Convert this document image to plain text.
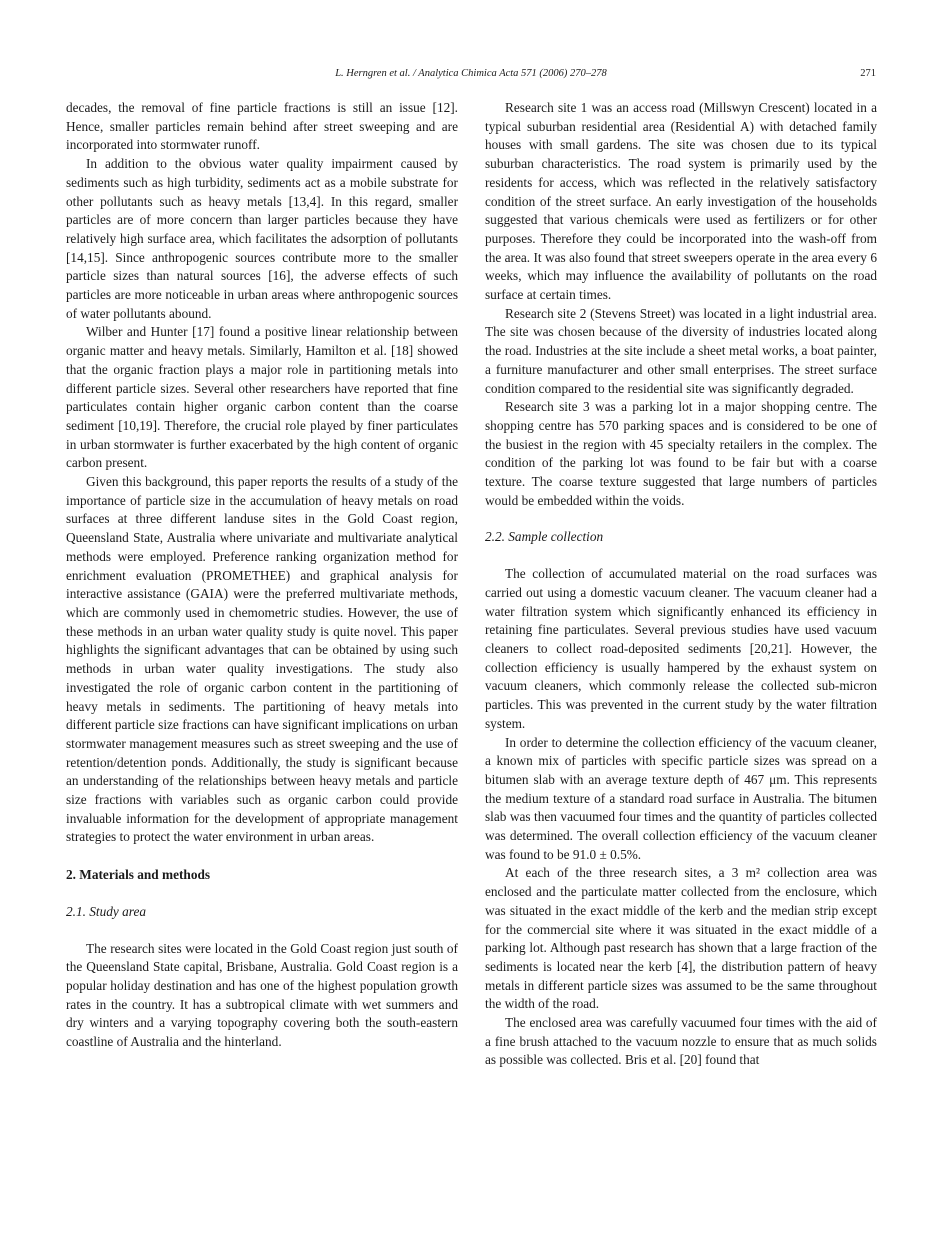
L. Herngren et al. / Analytica Chimica Acta 571 (2006) 270–278	271

decades, the removal of fine particle fractions is still an issue [12]. Hence, smaller particles remain behind after street sweeping and are incorporated into stormwater runoff.

In addition to the obvious water quality impairment caused by sediments such as high turbidity, sediments act as a mobile substrate for other pollutants such as heavy metals [13,4]. In this regard, smaller particles are of more concern than larger particles because they have relatively high surface area, which facilitates the adsorption of pollutants [14,15]. Since anthropogenic sources contribute more to the smaller particle sizes than natural sources [16], the adverse effects of such particles are more noticeable in urban areas where anthropogenic sources of water pollutants abound.

Wilber and Hunter [17] found a positive linear relationship between organic matter and heavy metals. Similarly, Hamilton et al. [18] showed that the organic fraction plays a major role in partitioning metals into different particle sizes. Several other researchers have reported that fine particulates contain higher organic carbon content than the coarse sediment [10,19]. Therefore, the crucial role played by finer particulates in urban stormwater is further exacerbated by the high content of organic carbon present.

Given this background, this paper reports the results of a study of the importance of particle size in the accumulation of heavy metals on road surfaces at three different landuse sites in the Gold Coast region, Queensland State, Australia where univariate and multivariate analytical methods were employed. Preference ranking organization method for enrichment evaluation (PROMETHEE) and graphical analysis for interactive assistance (GAIA) were the preferred multivariate methods, which are commonly used in chemometric studies. However, the use of these methods in an urban water quality study is quite novel. This paper highlights the significant advantages that can be obtained by using such methods in urban water quality investigations. The study also investigated the role of organic carbon content in the partitioning of heavy metals in sediments. The partitioning of heavy metals into different particle size fractions can have significant implications on urban stormwater management measures such as street sweeping and the use of retention/detention ponds. Additionally, the study is significant because an understanding of the relationships between heavy metals and particle size fractions with variables such as organic carbon could provide invaluable information for the development of appropriate management strategies to protect the water environment in urban areas.

2. Materials and methods
2.1. Study area

The research sites were located in the Gold Coast region just south of the Queensland State capital, Brisbane, Australia. Gold Coast region is a popular holiday destination and has one of the highest population growth rates in the country. It has a subtropical climate with wet summers and dry winters and a varying topography covering both the south-eastern coastline of Australia and the hinterland.

Research site 1 was an access road (Millswyn Crescent) located in a typical suburban residential area (Residential A) with detached family houses with small gardens. The site was chosen due to its typical suburban characteristics. The road system is primarily used by the residents for access, which was reflected in the relatively satisfactory condition of the street surface. An early investigation of the households suggested that various chemicals were used as fertilizers or for other purposes. Therefore they could be incorporated into the wash-off from the area. It was also found that street sweepers operate in the area every 6 weeks, which may influence the availability of pollutants on the road surface at certain times.

Research site 2 (Stevens Street) was located in a light industrial area. The site was chosen because of the diversity of industries located along the road. Industries at the site include a sheet metal works, a boat painter, a furniture manufacturer and other small enterprises. The street surface condition compared to the residential site was significantly degraded.

Research site 3 was a parking lot in a major shopping centre. The shopping centre has 570 parking spaces and is considered to be one of the busiest in the region with 45 specialty retailers in the complex. The condition of the parking lot was found to be fair but with a coarse texture. The coarse texture suggested that large numbers of particles would be embedded within the voids.

2.2. Sample collection

The collection of accumulated material on the road surfaces was carried out using a domestic vacuum cleaner. The vacuum cleaner had a water filtration system which significantly enhanced its efficiency in retaining fine particulates. Several previous studies have used vacuum cleaners to collect road-deposited sediments [20,21]. However, the collection efficiency is usually hampered by the exhaust system on vacuum cleaners, which commonly release the collected sub-micron particles. This was prevented in the current study by the water filtration system.

In order to determine the collection efficiency of the vacuum cleaner, a known mix of particles with specific particle sizes was spread on a bitumen slab with an average texture depth of 467 μm. This represents the medium texture of a standard road surface in Australia. The bitumen slab was then vacuumed four times and the quantity of particles collected was determined. The overall collection efficiency of the vacuum cleaner was found to be 91.0 ± 0.5%.

At each of the three research sites, a 3 m² collection area was enclosed and the particulate matter collected from the enclosure, which was situated in the exact middle of the kerb and the median strip except for the commercial site where it was situated in the exact middle of a parking lot. Although past research has shown that a large fraction of the sediments is located near the kerb [4], the distribution pattern of heavy metals in different particle sizes was assumed to be the same throughout the width of the road.

The enclosed area was carefully vacuumed four times with the aid of a fine brush attached to the vacuum nozzle to ensure that as much solids as possible was collected. Bris et al. [20] found that
